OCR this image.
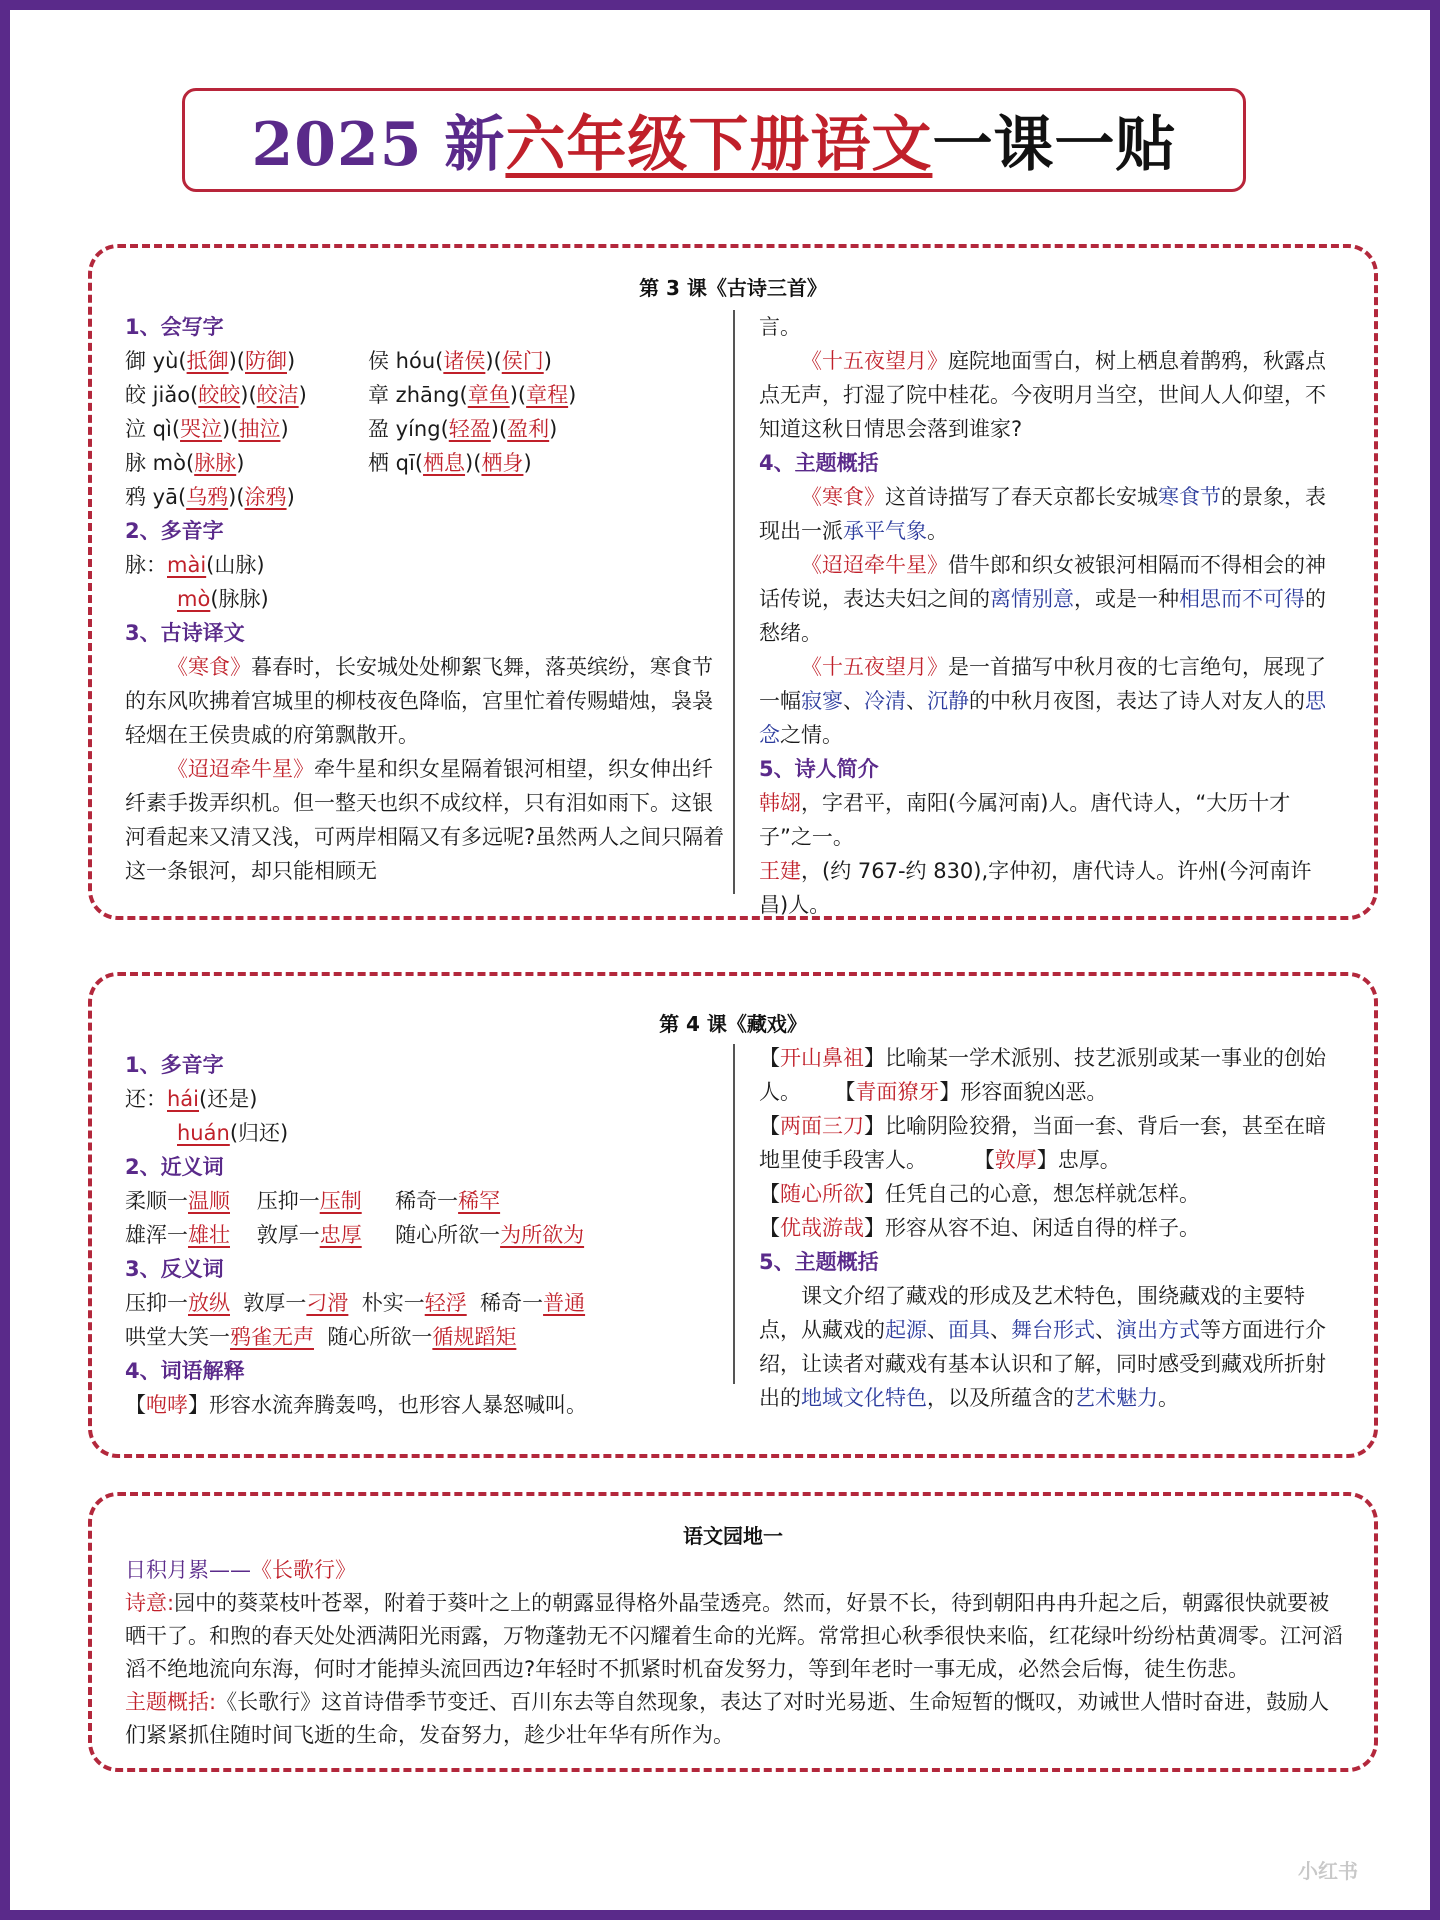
2025 新六年级下册语文一课一贴
第 3 课《古诗三首》
1、会写字
御 yù(抵御)(防御)	侯 hóu(诸侯)(侯门)
皎 jiǎo(皎皎)(皎洁)	章 zhāng(章鱼)(章程)
泣 qì(哭泣)(抽泣)	盈 yíng(轻盈)(盈利)
脉 mò(脉脉)	栖 qī(栖息)(栖身)
鸦 yā(乌鸦)(涂鸦)
2、多音字
脉：mài(山脉)
mò(脉脉)
3、古诗译文
《寒食》暮春时，长安城处处柳絮飞舞，落英缤纷，寒食节的东风吹拂着宫城里的柳枝夜色降临，宫里忙着传赐蜡烛，袅袅轻烟在王侯贵戚的府第飘散开。
《迢迢牵牛星》牵牛星和织女星隔着银河相望，织女伸出纤纤素手拨弄织机。但一整天也织不成纹样，只有泪如雨下。这银河看起来又清又浅，可两岸相隔又有多远呢?虽然两人之间只隔着这一条银河，却只能相顾无
言。
《十五夜望月》庭院地面雪白，树上栖息着鹊鸦，秋露点点无声，打湿了院中桂花。今夜明月当空，世间人人仰望，不知道这秋日情思会落到谁家?
4、主题概括
《寒食》这首诗描写了春天京都长安城寒食节的景象，表现出一派承平气象。
《迢迢牵牛星》借牛郎和织女被银河相隔而不得相会的神话传说，表达夫妇之间的离情别意，或是一种相思而不可得的愁绪。
《十五夜望月》是一首描写中秋月夜的七言绝句，展现了一幅寂寥、冷清、沉静的中秋月夜图，表达了诗人对友人的思念之情。
5、诗人简介
韩翃，字君平，南阳(今属河南)人。唐代诗人，“大历十才子”之一。
王建，(约 767-约 830),字仲初，唐代诗人。许州(今河南许昌)人。
第 4 课《藏戏》
1、多音字
还：hái(还是)
huán(归还)
2、近义词
柔顺一温顺 压抑一压制 稀奇一稀罕
雄浑一雄壮 敦厚一忠厚 随心所欲一为所欲为
3、反义词
压抑一放纵 敦厚一刁滑 朴实一轻浮 稀奇一普通
哄堂大笑一鸦雀无声 随心所欲一循规蹈矩
4、词语解释
【咆哮】形容水流奔腾轰鸣，也形容人暴怒喊叫。
【开山鼻祖】比喻某一学术派别、技艺派别或某一事业的创始人。     【青面獠牙】形容面貌凶恶。
【两面三刀】比喻阴险狡猾，当面一套、背后一套，甚至在暗地里使手段害人。       【敦厚】忠厚。
【随心所欲】任凭自己的心意，想怎样就怎样。
【优哉游哉】形容从容不迫、闲适自得的样子。
5、主题概括
课文介绍了藏戏的形成及艺术特色，围绕藏戏的主要特点，从藏戏的起源、面具、舞台形式、演出方式等方面进行介绍，让读者对藏戏有基本认识和了解，同时感受到藏戏所折射出的地域文化特色，以及所蕴含的艺术魅力。
语文园地一
日积月累——《长歌行》
诗意:园中的葵菜枝叶苍翠，附着于葵叶之上的朝露显得格外晶莹透亮。然而，好景不长，待到朝阳冉冉升起之后，朝露很快就要被晒干了。和煦的春天处处洒满阳光雨露，万物蓬勃无不闪耀着生命的光辉。常常担心秋季很快来临，红花绿叶纷纷枯黄凋零。江河滔滔不绝地流向东海，何时才能掉头流回西边?年轻时不抓紧时机奋发努力，等到年老时一事无成，必然会后悔，徒生伤悲。
主题概括:《长歌行》这首诗借季节变迁、百川东去等自然现象，表达了对时光易逝、生命短暂的慨叹，劝诫世人惜时奋进，鼓励人们紧紧抓住随时间飞逝的生命，发奋努力，趁少壮年华有所作为。
小红书
